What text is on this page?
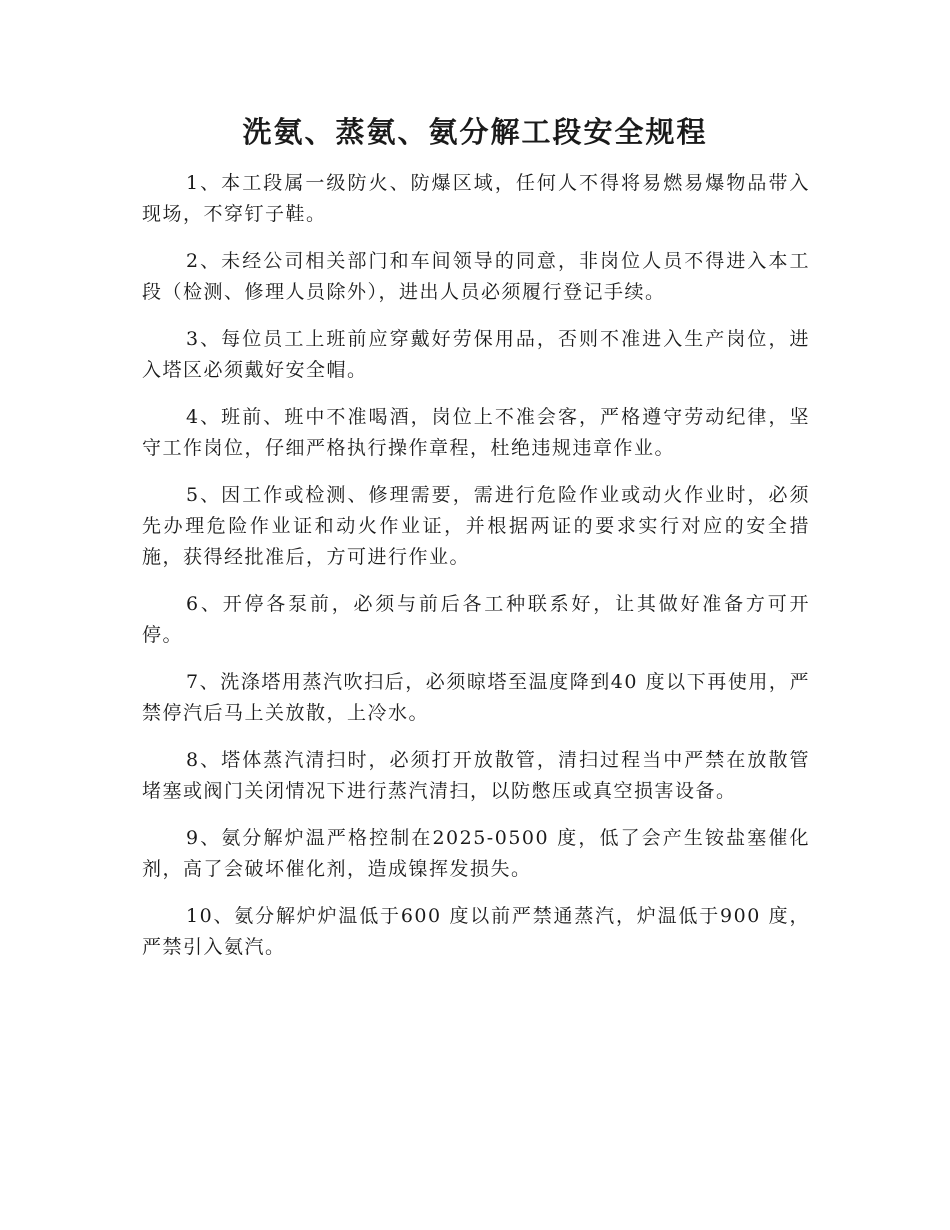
洗氨、蒸氨、氨分解工段安全规程

1、本工段属一级防火、防爆区域，任何人不得将易燃易爆物品带入现场，不穿钉子鞋。

2、未经公司相关部门和车间领导的同意，非岗位人员不得进入本工段（检测、修理人员除外），进出人员必须履行登记手续。

3、每位员工上班前应穿戴好劳保用品，否则不准进入生产岗位，进入塔区必须戴好安全帽。

4、班前、班中不准喝酒，岗位上不准会客，严格遵守劳动纪律，坚守工作岗位，仔细严格执行操作章程，杜绝违规违章作业。

5、因工作或检测、修理需要，需进行危险作业或动火作业时，必须先办理危险作业证和动火作业证，并根据两证的要求实行对应的安全措施，获得经批准后，方可进行作业。

6、开停各泵前，必须与前后各工种联系好，让其做好准备方可开停。

7、洗涤塔用蒸汽吹扫后，必须晾塔至温度降到40 度以下再使用，严禁停汽后马上关放散，上冷水。

8、塔体蒸汽清扫时，必须打开放散管，清扫过程当中严禁在放散管堵塞或阀门关闭情况下进行蒸汽清扫，以防憋压或真空损害设备。

9、氨分解炉温严格控制在2025-0500 度，低了会产生铵盐塞催化剂，高了会破坏催化剂，造成镍挥发损失。

10、氨分解炉炉温低于600 度以前严禁通蒸汽，炉温低于900 度，严禁引入氨汽。
